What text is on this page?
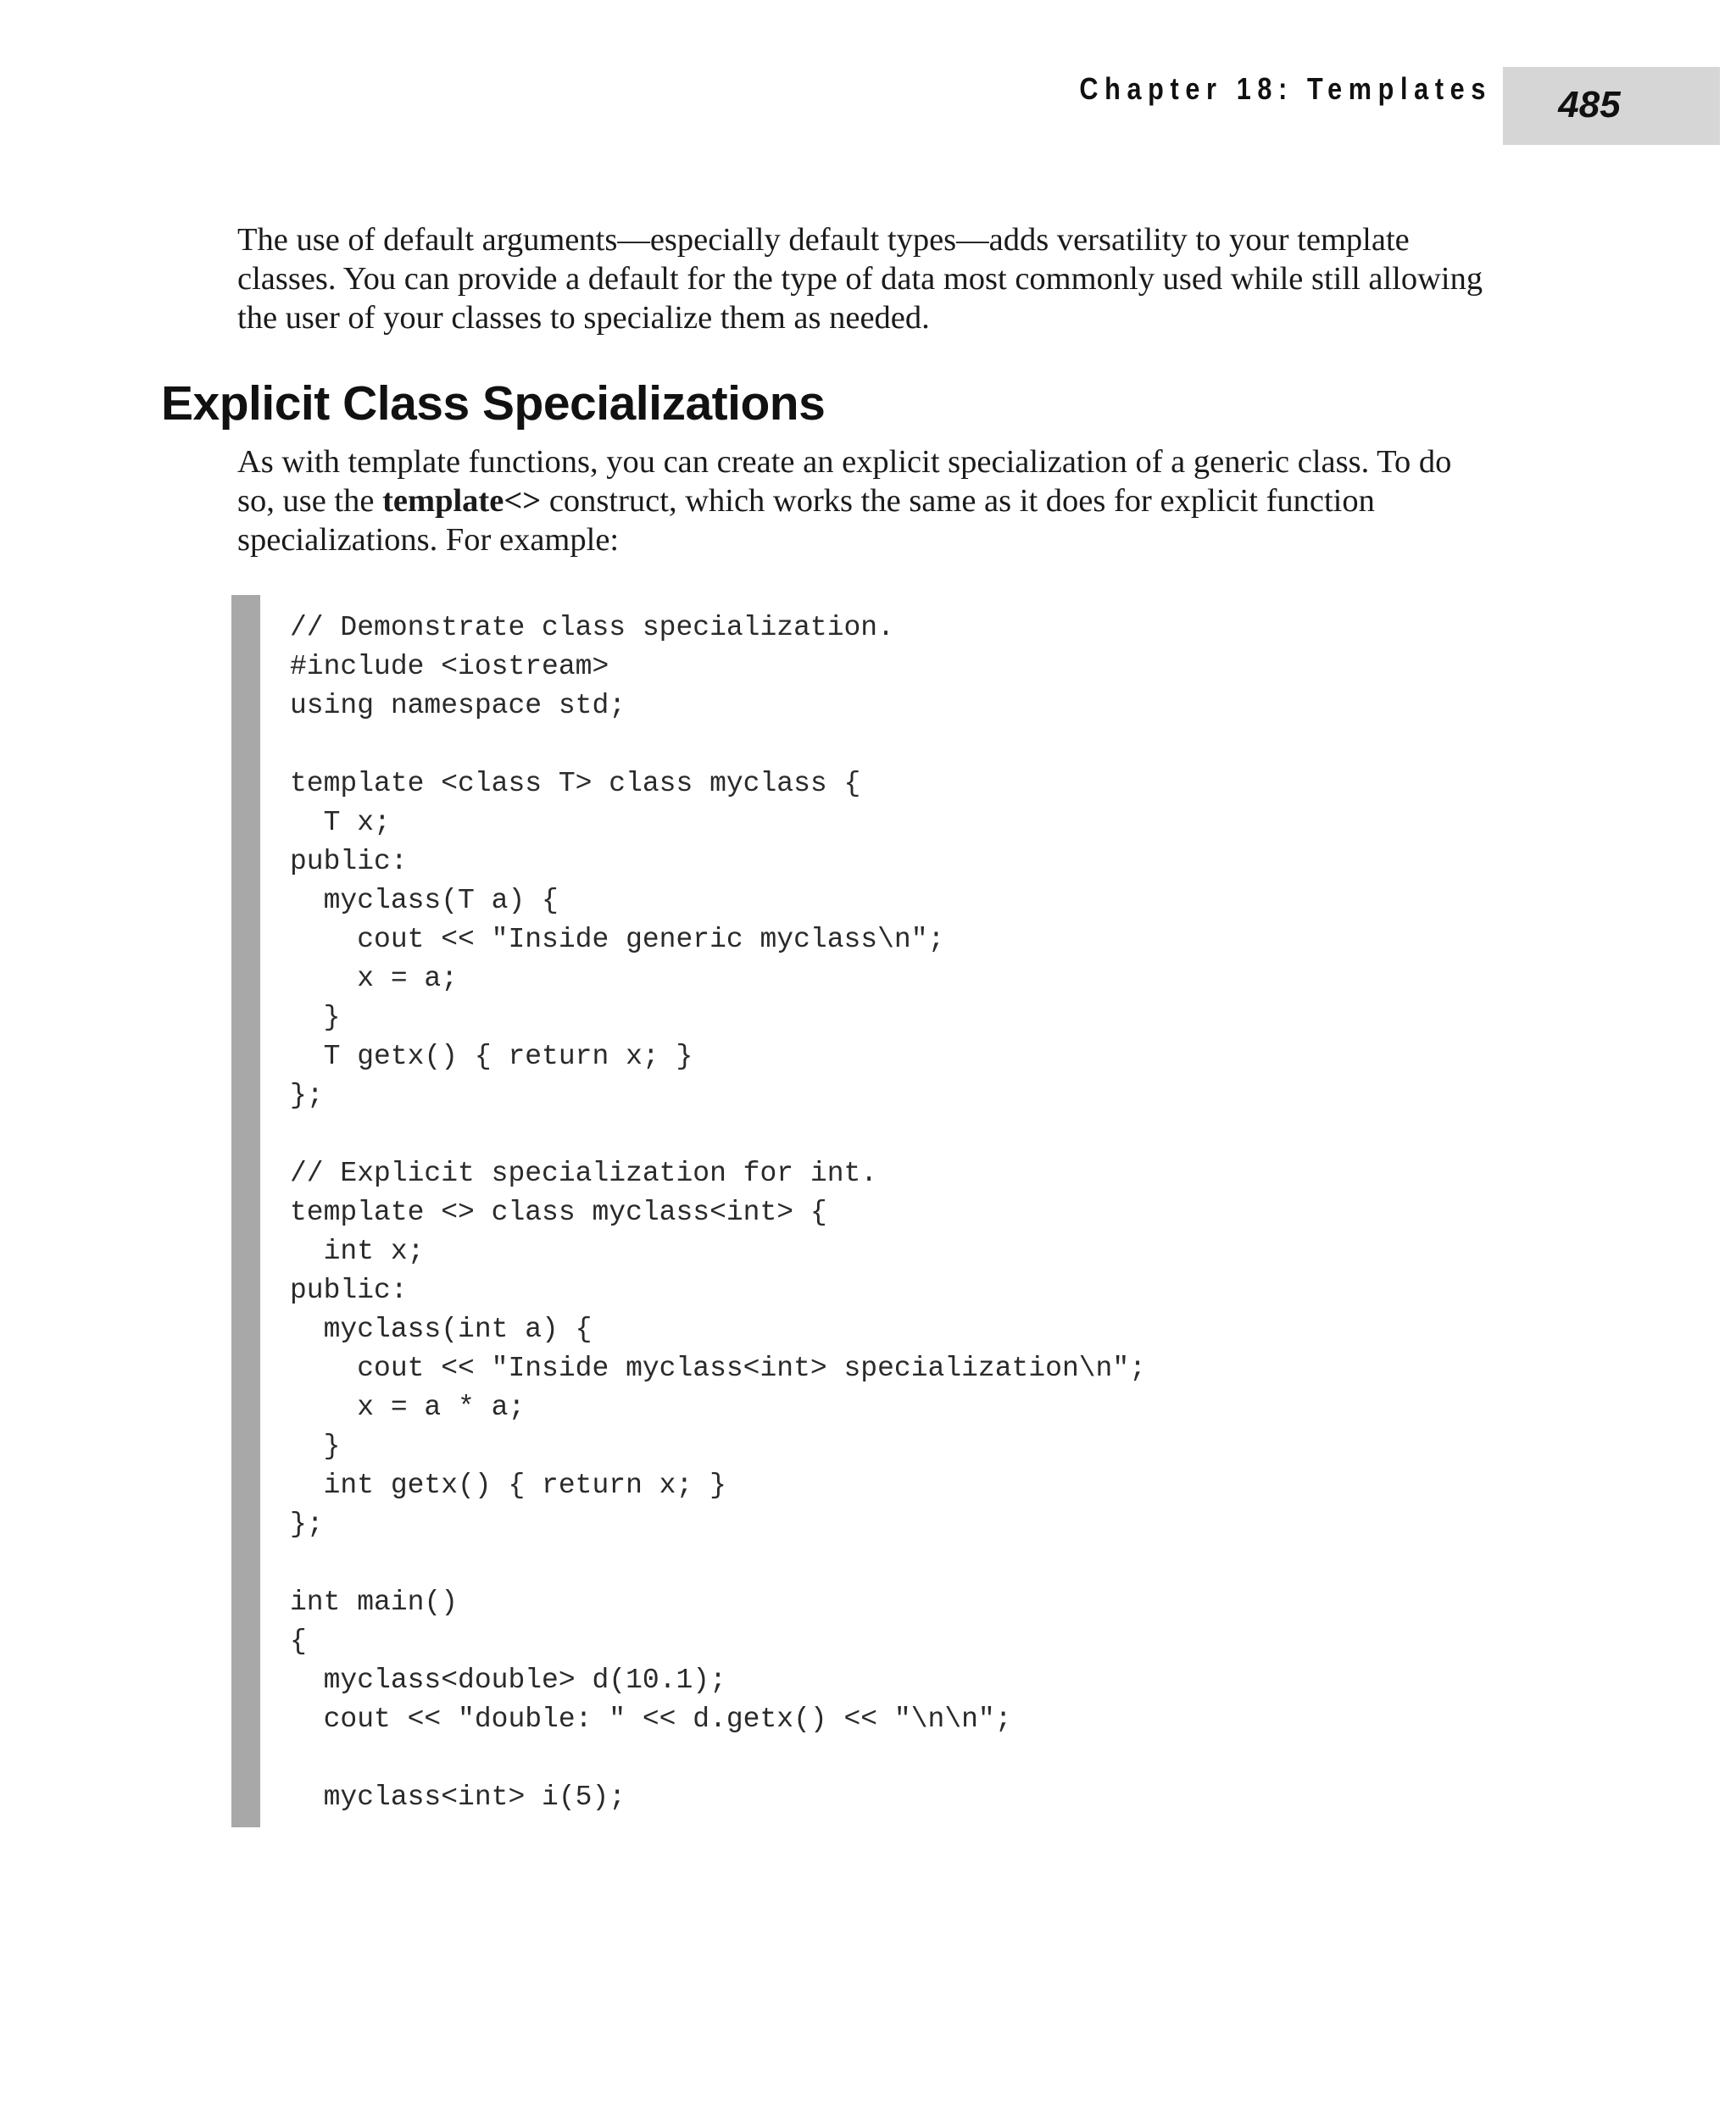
Chapter 18: Templates	485

The use of default arguments—especially default types—adds versatility to your template classes. You can provide a default for the type of data most commonly used while still allowing the user of your classes to specialize them as needed.

Explicit Class Specializations

As with template functions, you can create an explicit specialization of a generic class. To do so, use the template<> construct, which works the same as it does for explicit function specializations. For example:

// Demonstrate class specialization.
#include <iostream>
using namespace std;
template <class T> class myclass {
T x;
public:
myclass(T a) {
cout << "Inside generic myclass\n";
x = a;
}
T getx() { return x; }
};
// Explicit specialization for int.
template <> class myclass<int> {
int x;
public:
myclass(int a) {
cout << "Inside myclass<int> specialization\n";
x = a * a;
}
int getx() { return x; }
};
int main()
{
myclass<double> d(10.1);
cout << "double: " << d.getx() << "\n\n";
myclass<int> i(5);
